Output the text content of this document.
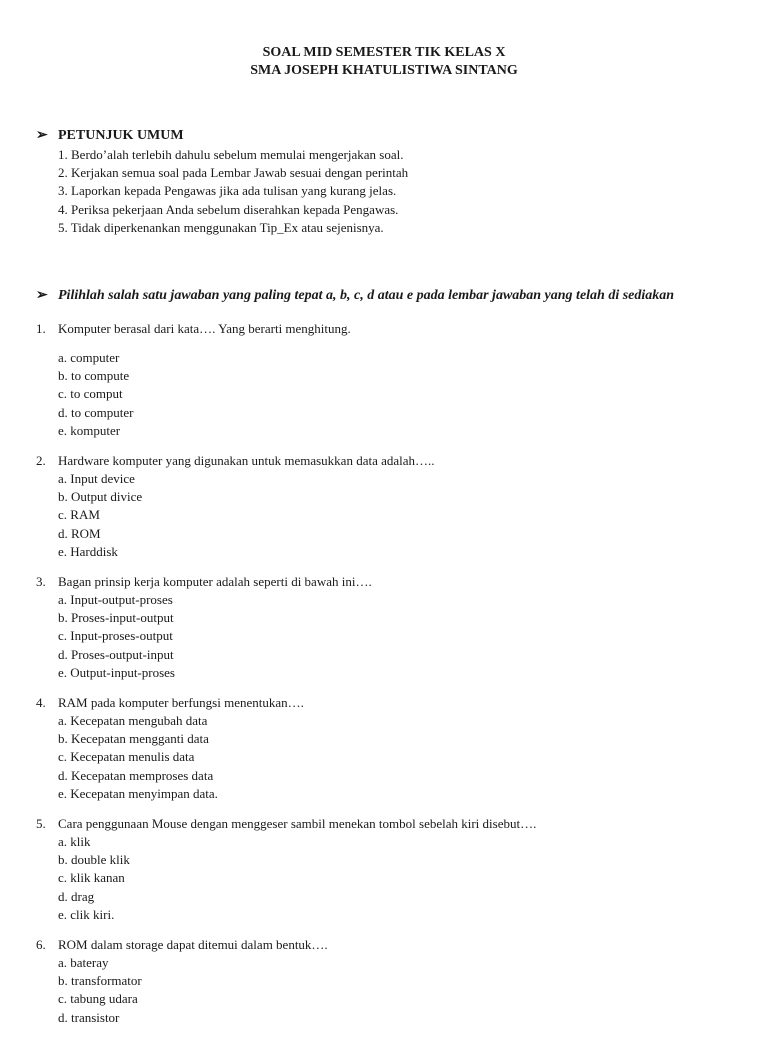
SOAL MID SEMESTER TIK KELAS X
SMA JOSEPH KHATULISTIWA SINTANG
➢ PETUNJUK UMUM
1. Berdo’alah terlebih dahulu sebelum memulai mengerjakan soal.
2. Kerjakan semua soal pada Lembar Jawab sesuai dengan perintah
3. Laporkan kepada Pengawas jika ada tulisan yang kurang jelas.
4. Periksa pekerjaan Anda sebelum diserahkan kepada Pengawas.
5. Tidak diperkenankan menggunakan Tip_Ex atau sejenisnya.
➢ Pilihlah salah satu jawaban yang paling tepat a, b, c, d atau e pada lembar jawaban yang telah di sediakan
1. Komputer berasal dari kata…. Yang berarti menghitung.
a. computer
b. to compute
c. to comput
d. to computer
e. komputer
2. Hardware komputer yang digunakan untuk memasukkan data adalah…..
a. Input device
b. Output divice
c. RAM
d. ROM
e. Harddisk
3. Bagan prinsip kerja komputer adalah seperti di bawah ini….
a. Input-output-proses
b. Proses-input-output
c. Input-proses-output
d. Proses-output-input
e. Output-input-proses
4. RAM pada komputer berfungsi menentukan….
a. Kecepatan mengubah data
b. Kecepatan mengganti data
c. Kecepatan menulis data
d. Kecepatan memproses data
e. Kecepatan menyimpan data.
5. Cara penggunaan Mouse dengan menggeser sambil menekan tombol sebelah kiri disebut….
a. klik
b. double klik
c. klik kanan
d. drag
e. clik kiri.
6. ROM dalam storage dapat ditemui dalam bentuk….
a. bateray
b. transformator
c. tabung udara
d. transistor
